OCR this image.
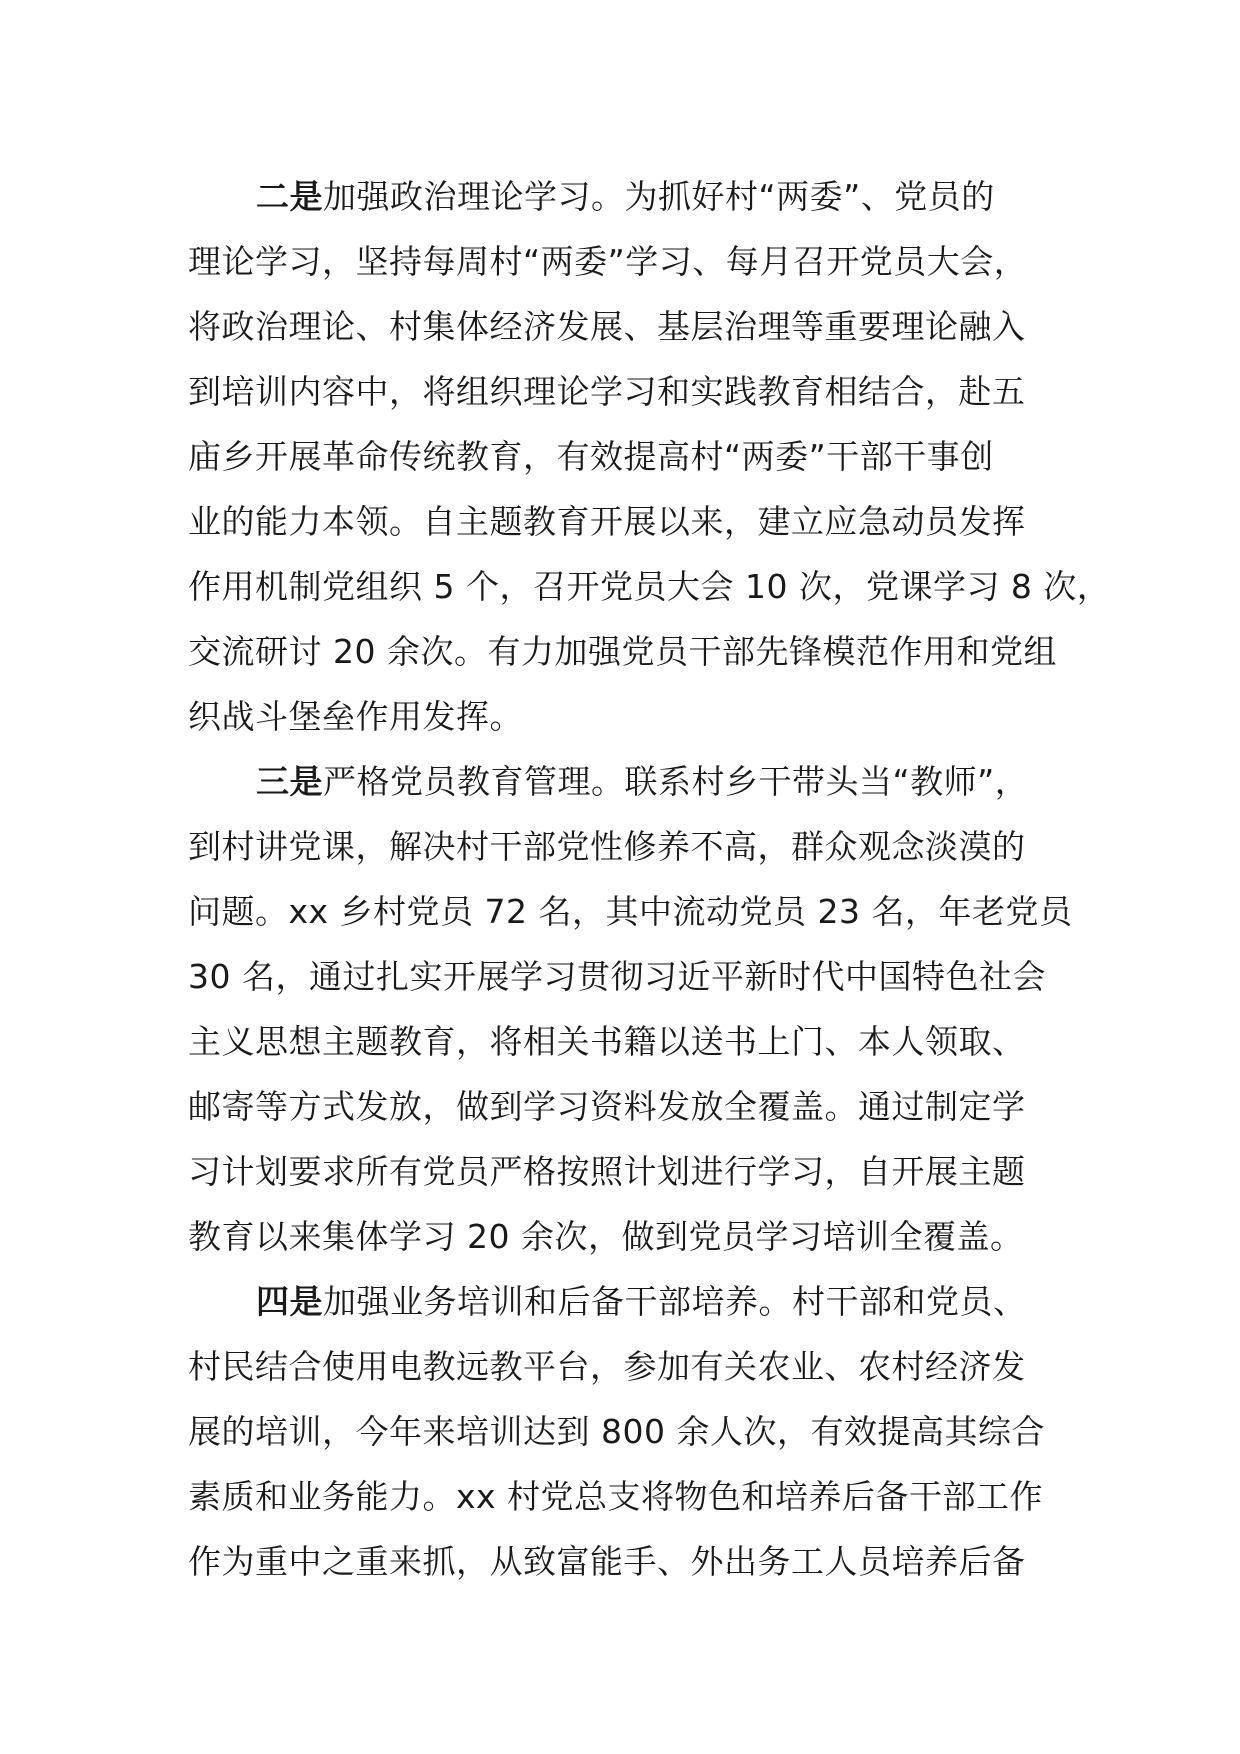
二是加强政治理论学习。为抓好村“两委”、党员的
理论学习，坚持每周村“两委”学习、每月召开党员大会，
将政治理论、村集体经济发展、基层治理等重要理论融入
到培训内容中，将组织理论学习和实践教育相结合，赴五
庙乡开展革命传统教育，有效提高村“两委”干部干事创
业的能力本领。自主题教育开展以来，建立应急动员发挥
作用机制党组织 5 个，召开党员大会 10 次，党课学习 8 次，
交流研讨 20 余次。有力加强党员干部先锋模范作用和党组
织战斗堡垒作用发挥。
三是严格党员教育管理。联系村乡干带头当“教师”，
到村讲党课，解决村干部党性修养不高，群众观念淡漠的
问题。xx 乡村党员 72 名，其中流动党员 23 名，年老党员
30 名，通过扎实开展学习贯彻习近平新时代中国特色社会
主义思想主题教育，将相关书籍以送书上门、本人领取、
邮寄等方式发放，做到学习资料发放全覆盖。通过制定学
习计划要求所有党员严格按照计划进行学习，自开展主题
教育以来集体学习 20 余次，做到党员学习培训全覆盖。
四是加强业务培训和后备干部培养。村干部和党员、
村民结合使用电教远教平台，参加有关农业、农村经济发
展的培训，今年来培训达到 800 余人次，有效提高其综合
素质和业务能力。xx 村党总支将物色和培养后备干部工作
作为重中之重来抓，从致富能手、外出务工人员培养后备
